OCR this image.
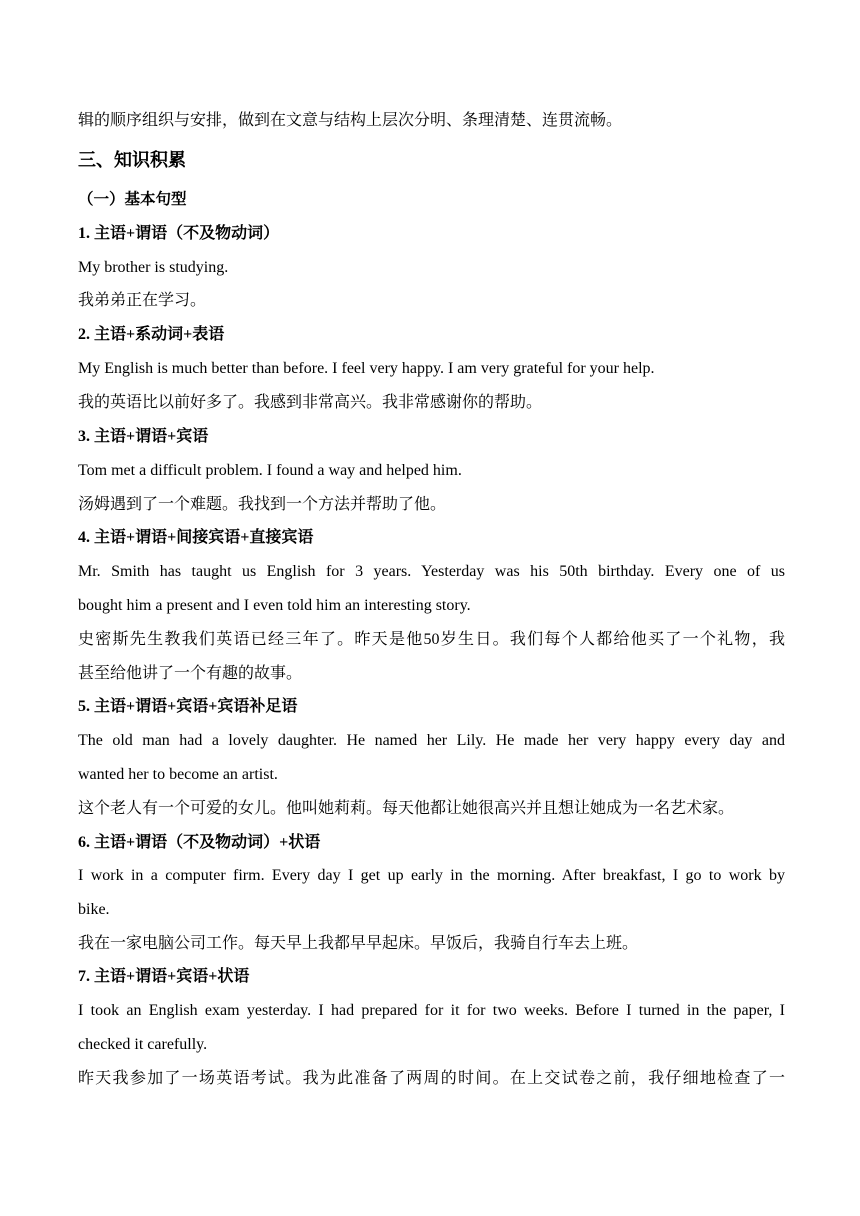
辑的顺序组织与安排，做到在文意与结构上层次分明、条理清楚、连贯流畅。
三、知识积累
（一）基本句型
1. 主语+谓语（不及物动词）
My brother is studying.
我弟弟正在学习。
2. 主语+系动词+表语
My English is much better than before. I feel very happy. I am very grateful for your help.
我的英语比以前好多了。我感到非常高兴。我非常感谢你的帮助。
3. 主语+谓语+宾语
Tom met a difficult problem. I found a way and helped him.
汤姆遇到了一个难题。我找到一个方法并帮助了他。
4. 主语+谓语+间接宾语+直接宾语
Mr. Smith has taught us English for 3 years. Yesterday was his 50th birthday. Every one of us
bought him a present and I even told him an interesting story.
史密斯先生教我们英语已经三年了。昨天是他50岁生日。我们每个人都给他买了一个礼物，我
甚至给他讲了一个有趣的故事。
5. 主语+谓语+宾语+宾语补足语
The old man had a lovely daughter. He named her Lily. He made her very happy every day and
wanted her to become an artist.
这个老人有一个可爱的女儿。他叫她莉莉。每天他都让她很高兴并且想让她成为一名艺术家。
6. 主语+谓语（不及物动词）+状语
I work in a computer firm. Every day I get up early in the morning. After breakfast, I go to work by
bike.
我在一家电脑公司工作。每天早上我都早早起床。早饭后，我骑自行车去上班。
7. 主语+谓语+宾语+状语
I took an English exam yesterday. I had prepared for it for two weeks. Before I turned in the paper, I
checked it carefully.
昨天我参加了一场英语考试。我为此准备了两周的时间。在上交试卷之前，我仔细地检查了一
